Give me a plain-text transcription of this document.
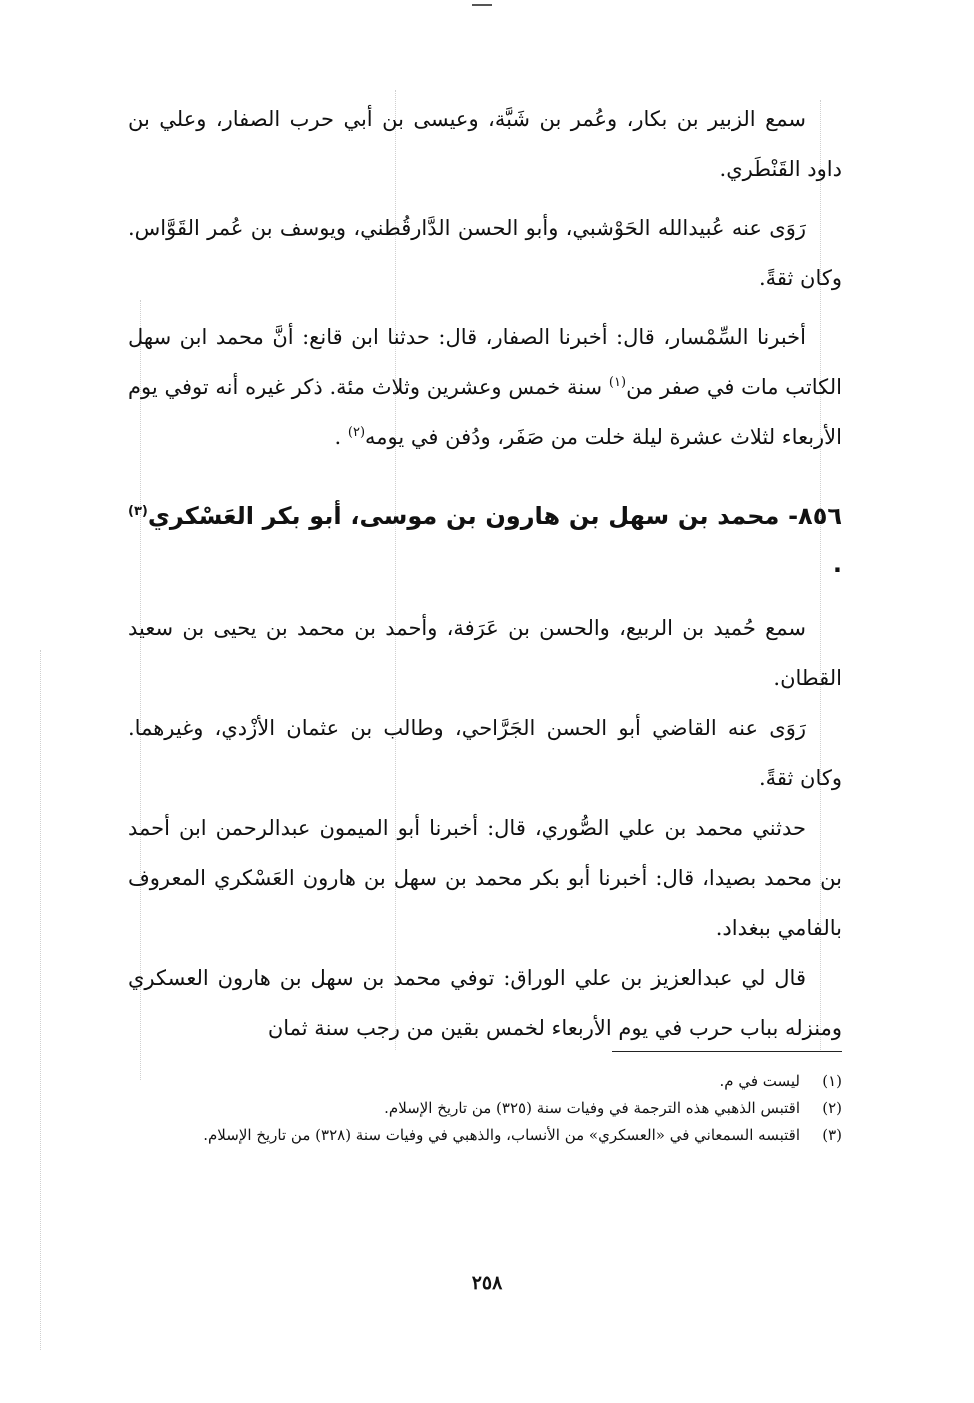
سمع الزبير بن بكار، وعُمر بن شَبَّة، وعيسى بن أبي حرب الصفار، وعلي بن داود القَنْطَري.

رَوَى عنه عُبيدالله الحَوْشبي، وأبو الحسن الدَّارقُطني، ويوسف بن عُمر القَوَّاس. وكان ثقةً.

أخبرنا السِّمْسار، قال: أخبرنا الصفار، قال: حدثنا ابن قانع: أنَّ محمد ابن سهل الكاتب مات في صفر من$^{(١)}$ سنة خمس وعشرين وثلاث مئة. ذكر غيره أنه توفي يوم الأربعاء لثلاث عشرة ليلة خلت من صَفَر، ودُفن في يومه$^{(٢)}$ .

٨٥٦- محمد بن سهل بن هارون بن موسى، أبو بكر العَسْكري$^{(٣)}$ .

سمع حُميد بن الربيع، والحسن بن عَرَفة، وأحمد بن محمد بن يحيى بن سعيد القطان.

رَوَى عنه القاضي أبو الحسن الجَرَّاحي، وطالب بن عثمان الأزْدي، وغيرهما. وكان ثقةً.

حدثني محمد بن علي الصُّوري، قال: أخبرنا أبو الميمون عبدالرحمن ابن أحمد بن محمد بصيدا، قال: أخبرنا أبو بكر محمد بن سهل بن هارون العَسْكري المعروف بالفامي ببغداد.

قال لي عبدالعزيز بن علي الوراق: توفي محمد بن سهل بن هارون العسكري ومنزله بباب حرب في يوم الأربعاء لخمس بقين من رجب سنة ثمان

(١)
ليست في م.

(٢)
اقتبس الذهبي هذه الترجمة في وفيات سنة (٣٢٥) من تاريخ الإسلام.

(٣)
اقتبسه السمعاني في «العسكري» من الأنساب، والذهبي في وفيات سنة (٣٢٨) من تاريخ الإسلام.

٢٥٨
